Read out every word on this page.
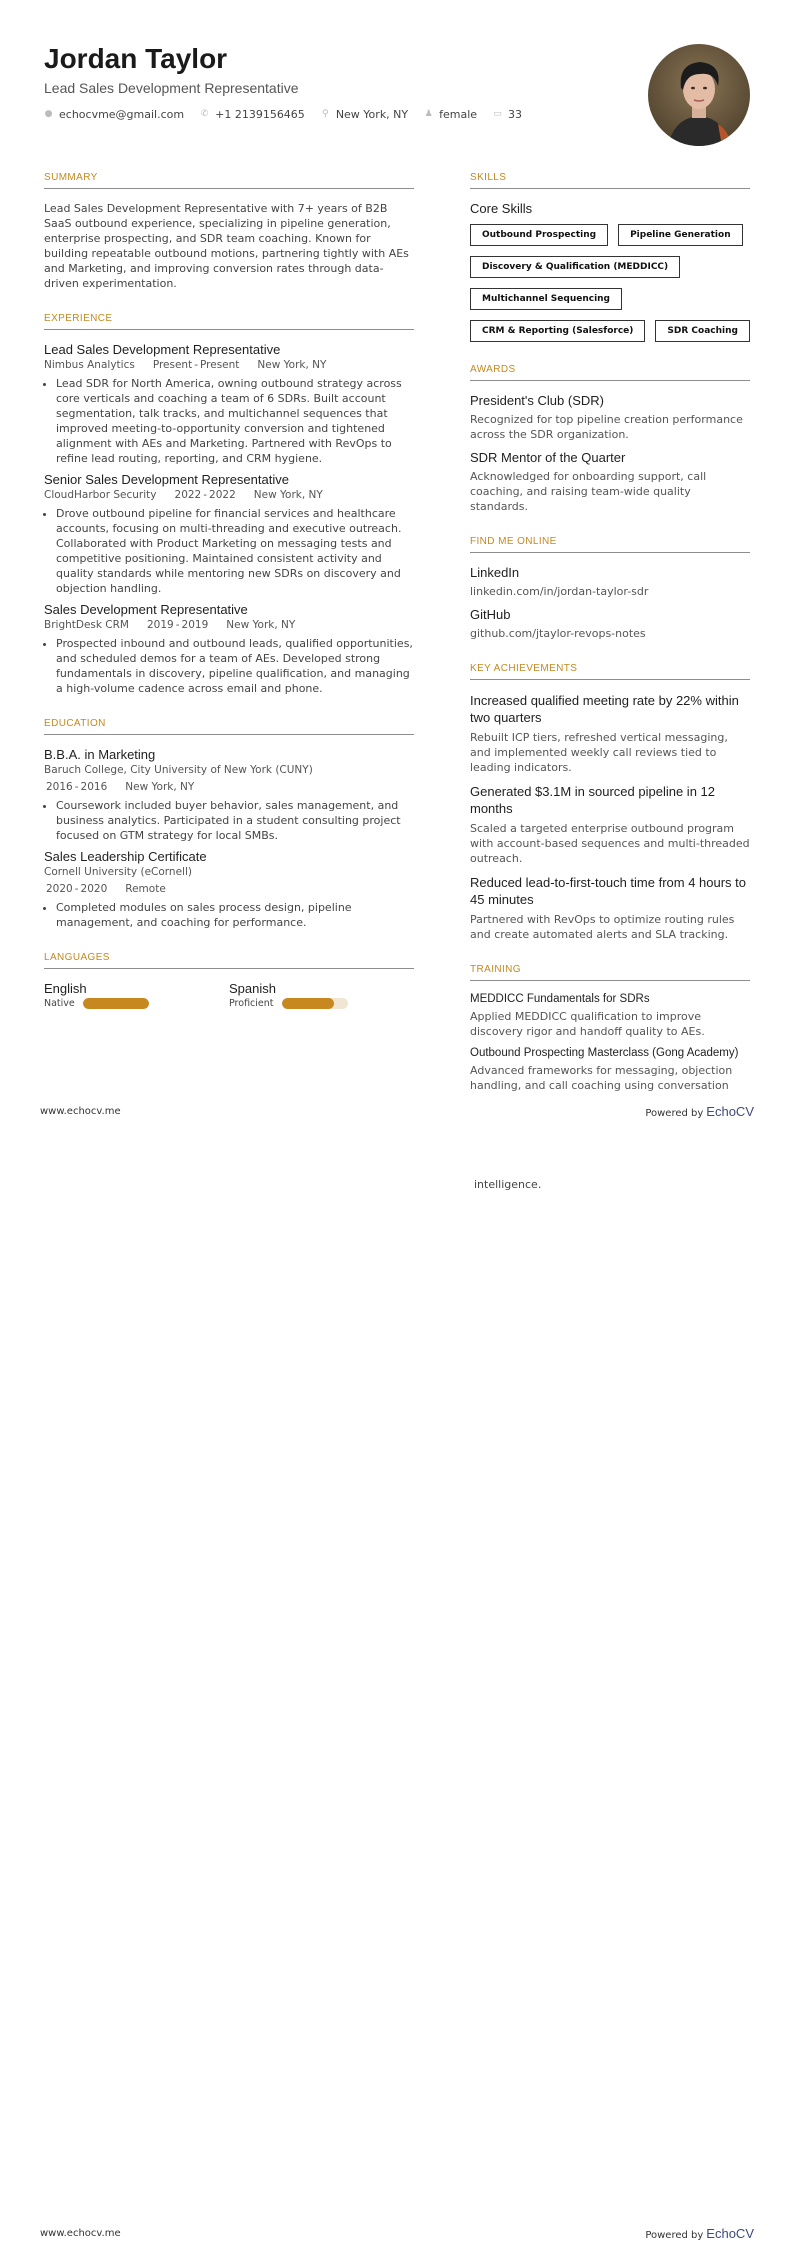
Jordan Taylor
Lead Sales Development Representative
● echocvme@gmail.com ✆ +1 2139156465 ⚲ New York, NY ♟ female ▭ 33
SUMMARY
Lead Sales Development Representative with 7+ years of B2B SaaS outbound experience, specializing in pipeline generation, enterprise prospecting, and SDR team coaching. Known for building repeatable outbound motions, partnering tightly with AEs and Marketing, and improving conversion rates through data-driven experimentation.
EXPERIENCE
Lead Sales Development Representative
Nimbus Analytics Present - Present New York, NY
• Lead SDR for North America, owning outbound strategy across core verticals and coaching a team of 6 SDRs. Built account segmentation, talk tracks, and multichannel sequences that improved meeting-to-opportunity conversion and tightened alignment with AEs and Marketing. Partnered with RevOps to refine lead routing, reporting, and CRM hygiene.
Senior Sales Development Representative
CloudHarbor Security 2022 - 2022 New York, NY
• Drove outbound pipeline for financial services and healthcare accounts, focusing on multi-threading and executive outreach. Collaborated with Product Marketing on messaging tests and competitive positioning. Maintained consistent activity and quality standards while mentoring new SDRs on discovery and objection handling.
Sales Development Representative
BrightDesk CRM 2019 - 2019 New York, NY
• Prospected inbound and outbound leads, qualified opportunities, and scheduled demos for a team of AEs. Developed strong fundamentals in discovery, pipeline qualification, and managing a high-volume cadence across email and phone.
EDUCATION
B.B.A. in Marketing
Baruch College, City University of New York (CUNY)
2016 - 2016 New York, NY
• Coursework included buyer behavior, sales management, and business analytics. Participated in a student consulting project focused on GTM strategy for local SMBs.
Sales Leadership Certificate
Cornell University (eCornell)
2020 - 2020 Remote
• Completed modules on sales process design, pipeline management, and coaching for performance.
LANGUAGES
English
Native
Spanish
Proficient
SKILLS
Core Skills
Outbound Prospecting	Pipeline Generation
Discovery & Qualification (MEDDICC)
Multichannel Sequencing
CRM & Reporting (Salesforce)	SDR Coaching
AWARDS
President's Club (SDR)
Recognized for top pipeline creation performance across the SDR organization.
SDR Mentor of the Quarter
Acknowledged for onboarding support, call coaching, and raising team-wide quality standards.
FIND ME ONLINE
LinkedIn
linkedin.com/in/jordan-taylor-sdr
GitHub
github.com/jtaylor-revops-notes
KEY ACHIEVEMENTS
Increased qualified meeting rate by 22% within two quarters
Rebuilt ICP tiers, refreshed vertical messaging, and implemented weekly call reviews tied to leading indicators.
Generated $3.1M in sourced pipeline in 12 months
Scaled a targeted enterprise outbound program with account-based sequences and multi-threaded outreach.
Reduced lead-to-first-touch time from 4 hours to 45 minutes
Partnered with RevOps to optimize routing rules and create automated alerts and SLA tracking.
TRAINING
MEDDICC Fundamentals for SDRs
Applied MEDDICC qualification to improve discovery rigor and handoff quality to AEs.
Outbound Prospecting Masterclass (Gong Academy)
Advanced frameworks for messaging, objection handling, and call coaching using conversation
www.echocv.me	Powered by EchoCV
intelligence.
www.echocv.me	Powered by EchoCV
